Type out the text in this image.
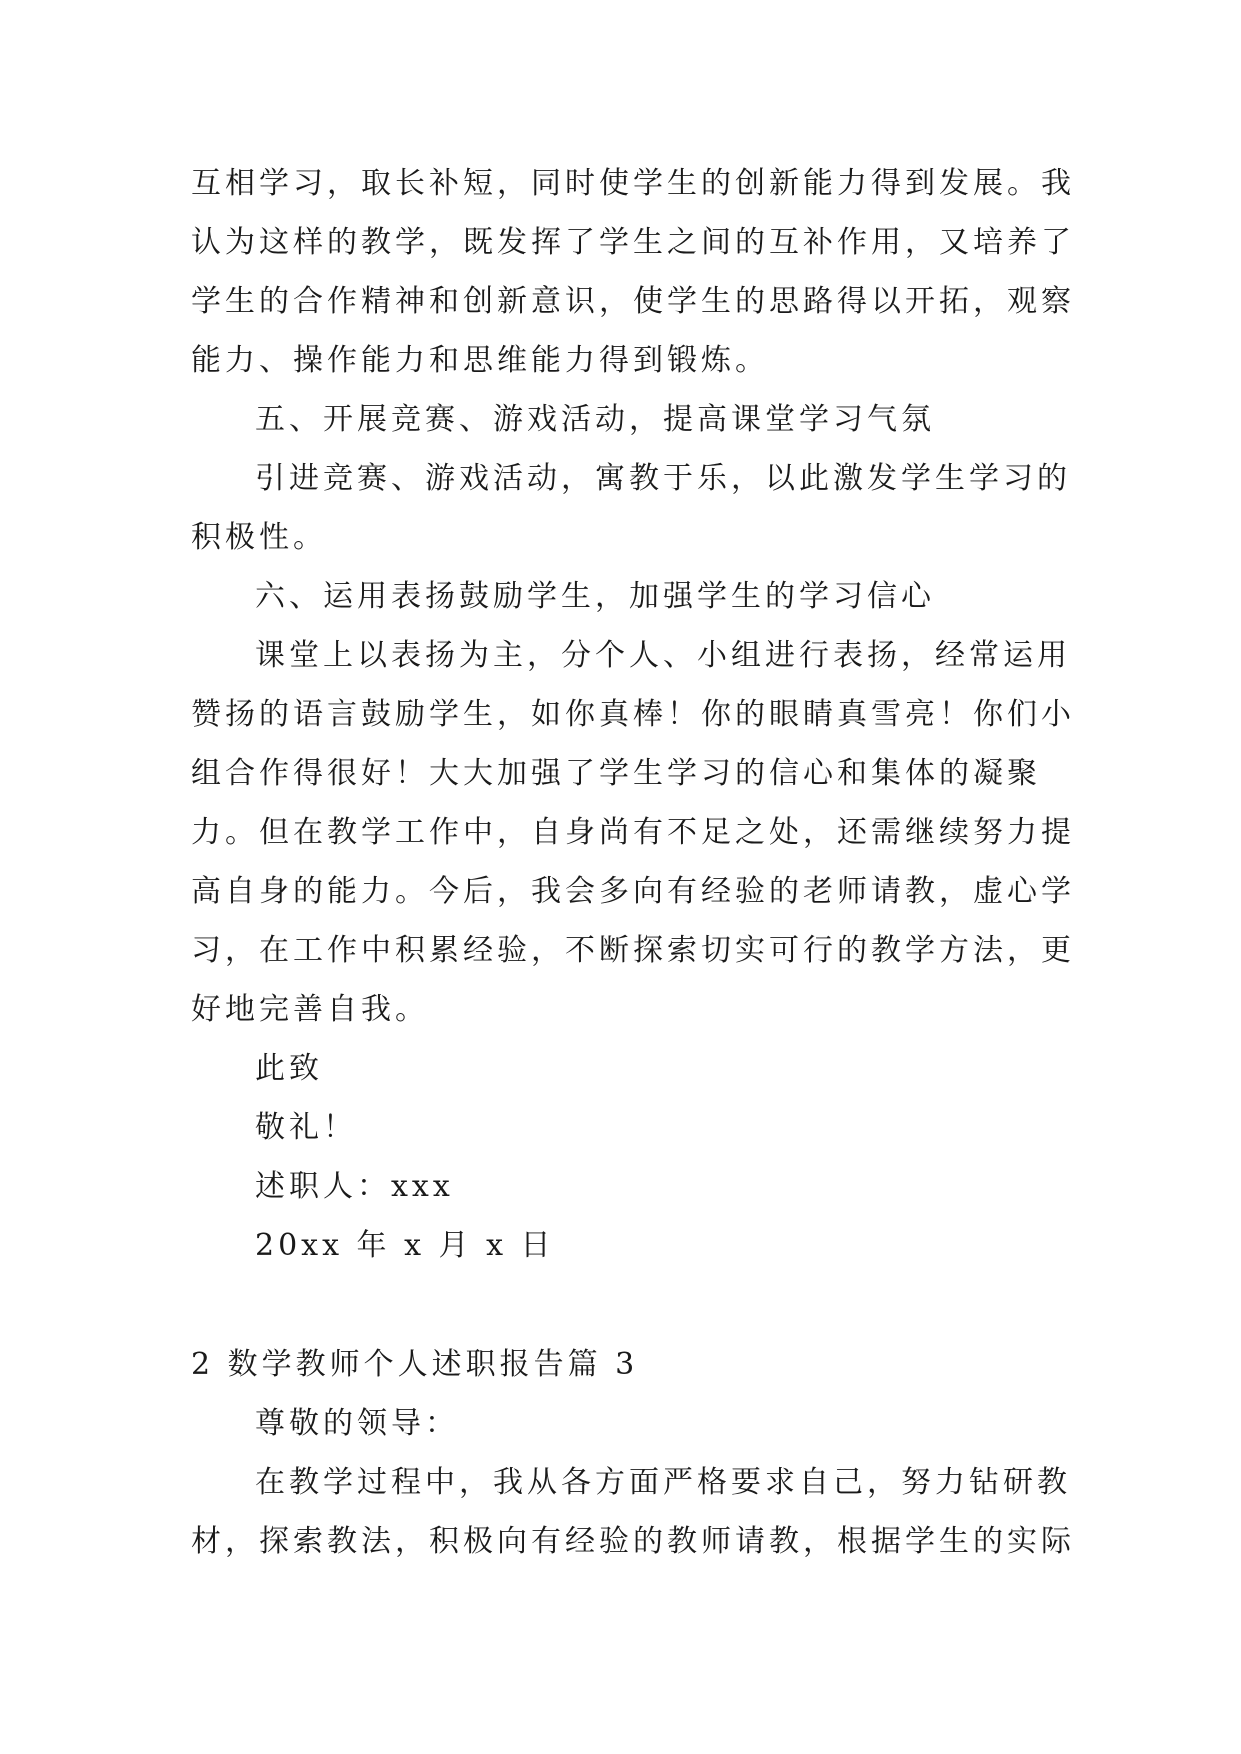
互相学习，取长补短，同时使学生的创新能力得到发展。我
认为这样的教学，既发挥了学生之间的互补作用，又培养了
学生的合作精神和创新意识，使学生的思路得以开拓，观察
能力、操作能力和思维能力得到锻炼。

五、开展竞赛、游戏活动，提高课堂学习气氛

引进竞赛、游戏活动，寓教于乐，以此激发学生学习的
积极性。

六、运用表扬鼓励学生，加强学生的学习信心

课堂上以表扬为主，分个人、小组进行表扬，经常运用
赞扬的语言鼓励学生，如你真棒！你的眼睛真雪亮！你们小
组合作得很好！大大加强了学生学习的信心和集体的凝聚
力。但在教学工作中，自身尚有不足之处，还需继续努力提
高自身的能力。今后，我会多向有经验的老师请教，虚心学
习，在工作中积累经验，不断探索切实可行的教学方法，更
好地完善自我。

此致

敬礼！

述职人：xxx

20xx 年 x 月 x 日

2 数学教师个人述职报告篇 3

尊敬的领导：

在教学过程中，我从各方面严格要求自己，努力钻研教
材，探索教法，积极向有经验的教师请教，根据学生的实际
